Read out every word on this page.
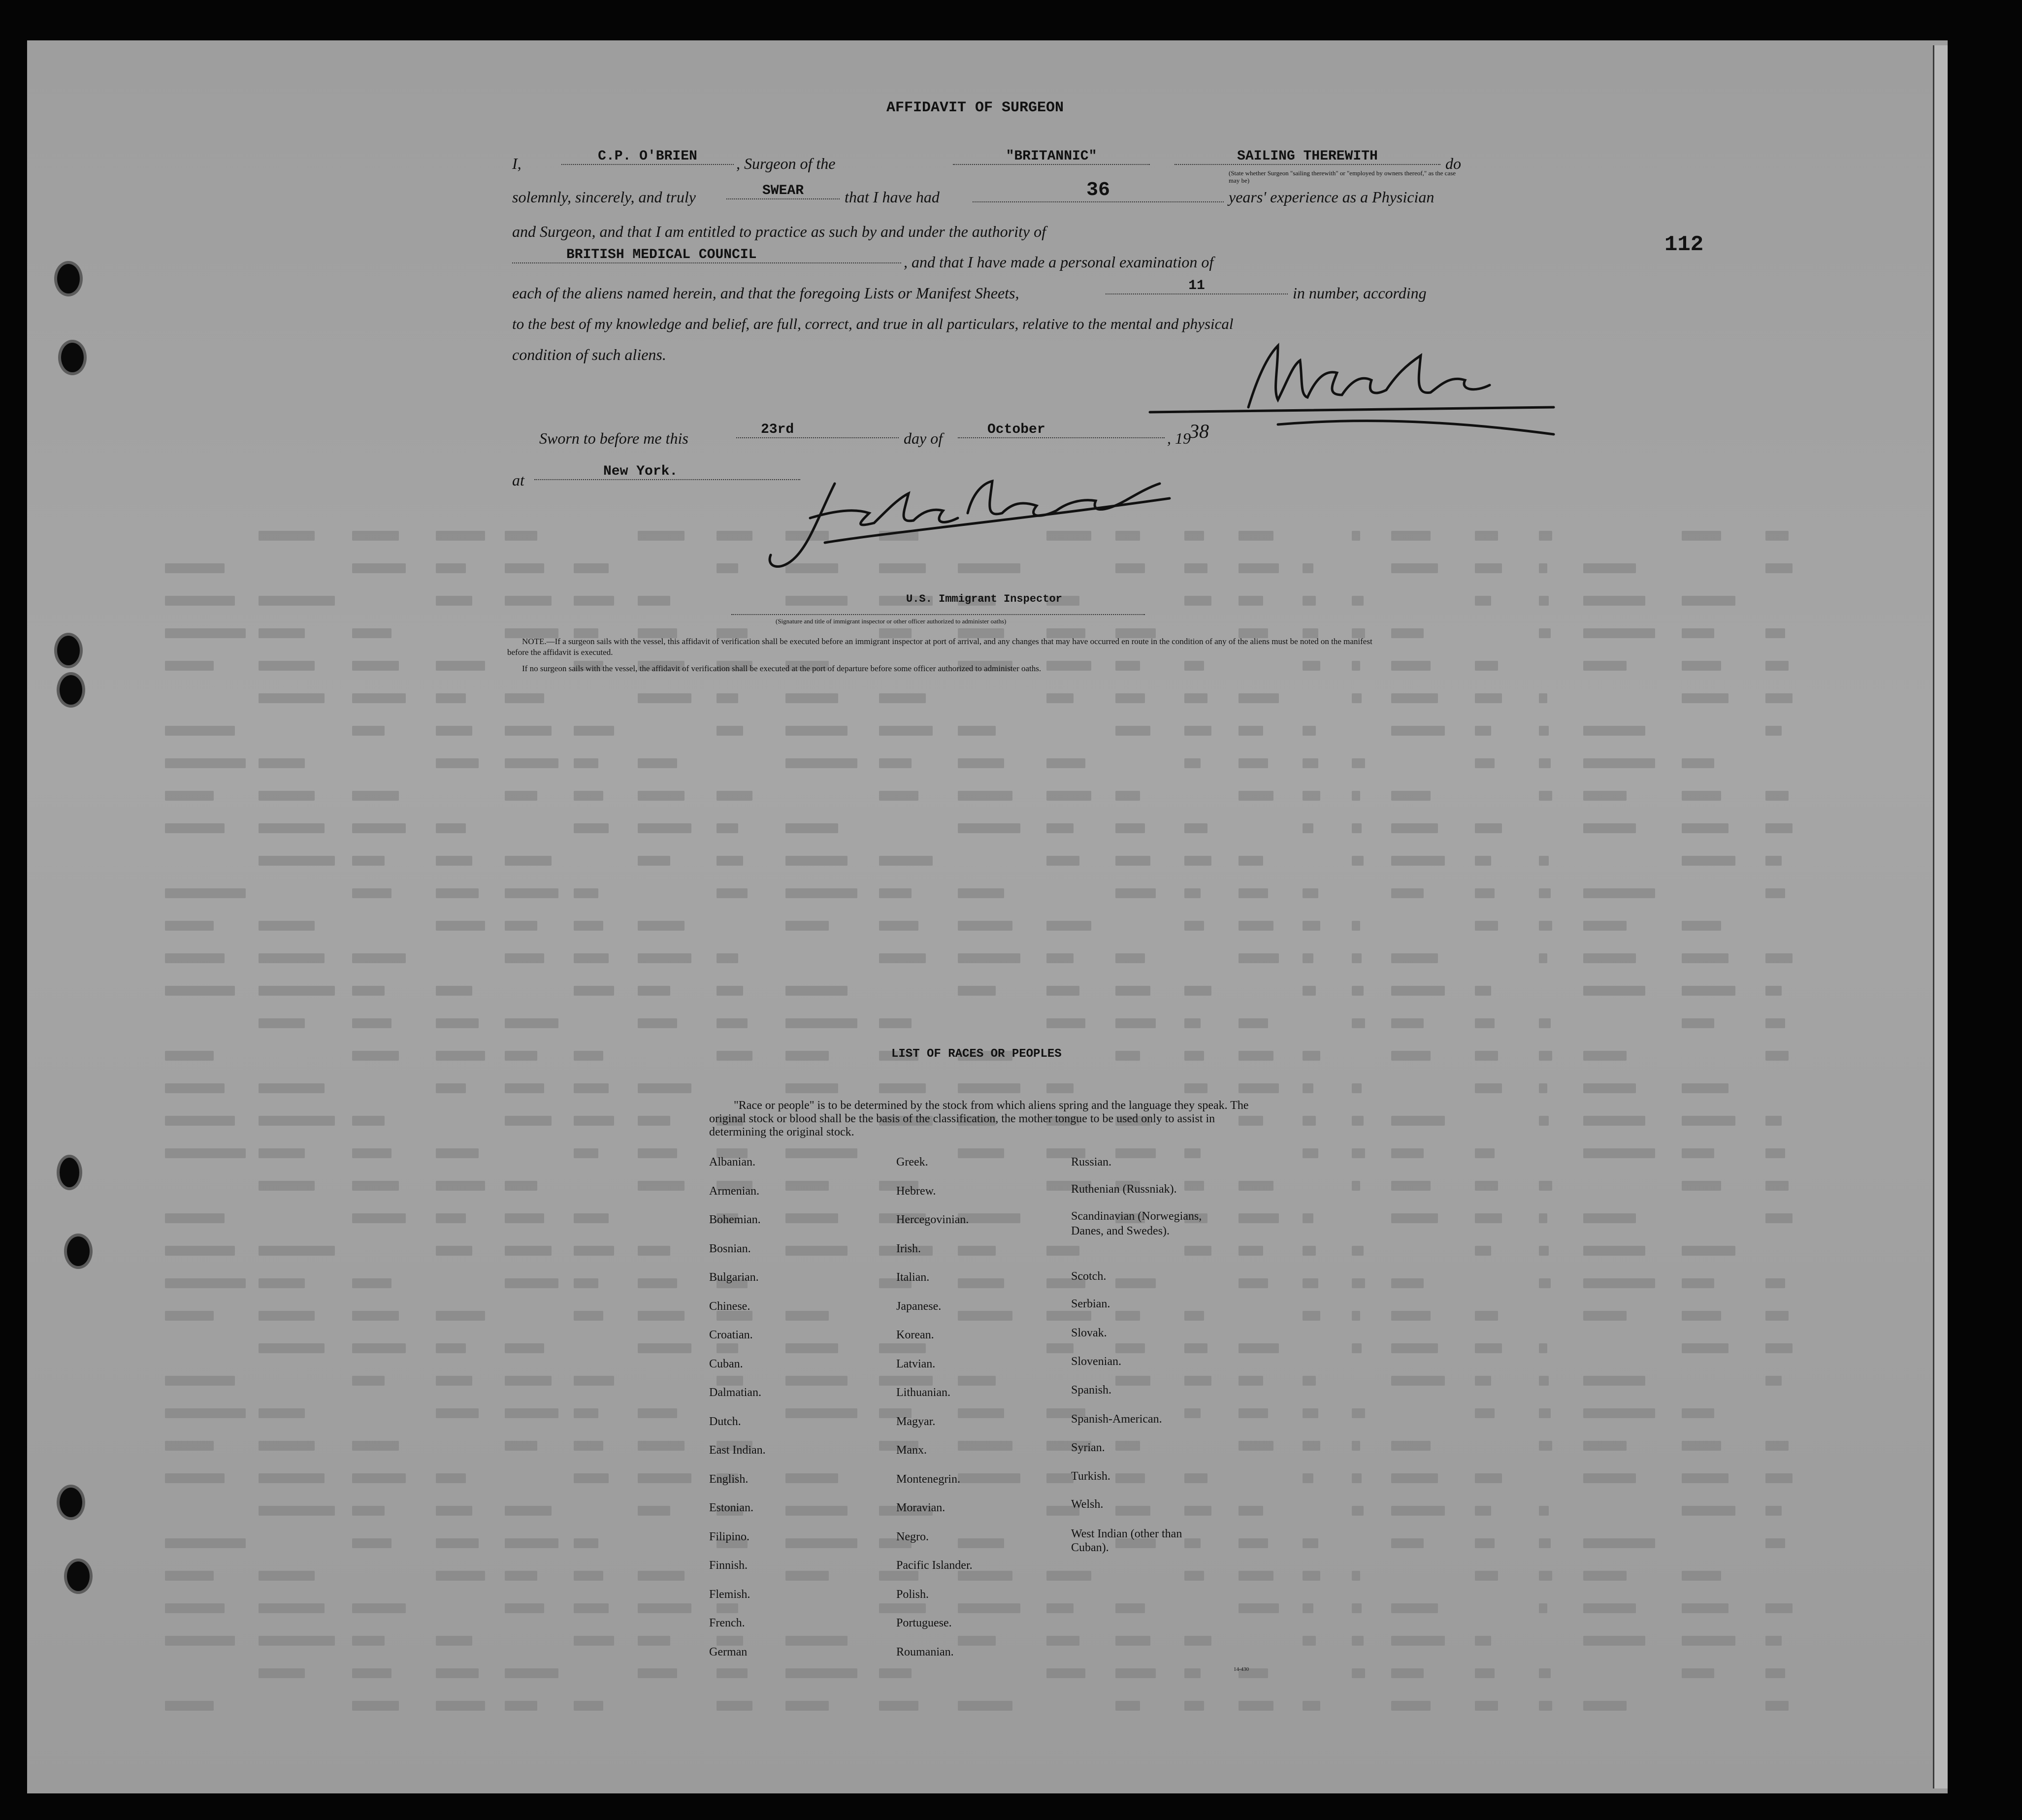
112
AFFIDAVIT OF SURGEON
I,	C.P. O'BRIEN	, Surgeon of the	"BRITANNIC"	SAILING THEREWITH
(State whether Surgeon "sailing therewith" or "employed by owners thereof," as the case may be)
do
solemnly, sincerely, and truly	SWEAR	that I have had	36	years' experience as a Physician
and Surgeon, and that I am entitled to practice as such by and under the authority of
BRITISH MEDICAL COUNCIL	, and that I have made a personal examination of
each of the aliens named herein, and that the foregoing Lists or Manifest Sheets,	11	in number, according
to the best of my knowledge and belief, are full, correct, and true in all particulars, relative to the mental and physical
condition of such aliens.
Sworn to before me this	23rd	day of	October	, 19
38
at	New York.
U.S. Immigrant Inspector
(Signature and title of immigrant inspector or other officer authorized to administer oaths)
NOTE.—If a surgeon sails with the vessel, this affidavit of verification shall be executed before an immigrant inspector at port of arrival, and any changes that may have occurred en route in the condition of any of the aliens must be noted on the manifest before the affidavit is executed.
If no surgeon sails with the vessel, the affidavit of verification shall be executed at the port of departure before some officer authorized to administer oaths.
LIST OF RACES OR PEOPLES
"Race or people" is to be determined by the stock from which aliens spring and the language they speak. The original stock or blood shall be the basis of the classification, the mother tongue to be used only to assist in determining the original stock.
Albanian.
Armenian.
Bohemian.
Bosnian.
Bulgarian.
Chinese.
Croatian.
Cuban.
Dalmatian.
Dutch.
East Indian.
English.
Estonian.
Filipino.
Finnish.
Flemish.
French.
German
Greek.
Hebrew.
Hercegovinian.
Irish.
Italian.
Japanese.
Korean.
Latvian.
Lithuanian.
Magyar.
Manx.
Montenegrin.
Moravian.
Negro.
Pacific Islander.
Polish.
Portuguese.
Roumanian.
Russian.
Ruthenian (Russniak).
Scandinavian (Norwegians,
Danes, and Swedes).
Scotch.
Serbian.
Slovak.
Slovenian.
Spanish.
Spanish-American.
Syrian.
Turkish.
Welsh.
West Indian (other than
Cuban).
14-430
